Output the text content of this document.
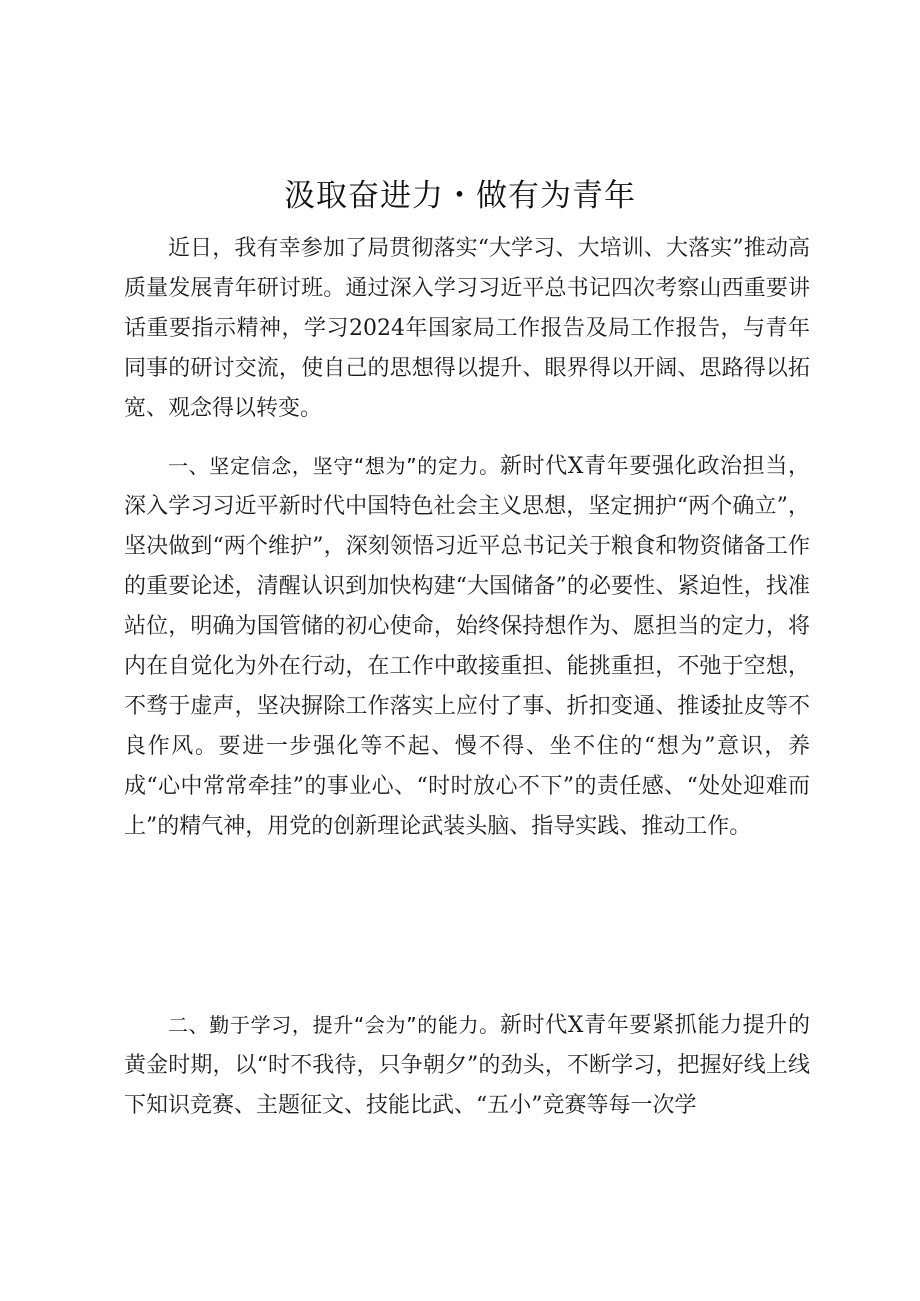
汲取奋进力・做有为青年

近日，我有幸参加了局贯彻落实“大学习、大培训、大落实”推动高质量发展青年研讨班。通过深入学习习近平总书记四次考察山西重要讲话重要指示精神，学习2024年国家局工作报告及局工作报告，与青年同事的研讨交流，使自己的思想得以提升、眼界得以开阔、思路得以拓宽、观念得以转变。

一、坚定信念，坚守“想为”的定力。新时代X青年要强化政治担当，深入学习习近平新时代中国特色社会主义思想，坚定拥护“两个确立”，坚决做到“两个维护”，深刻领悟习近平总书记关于粮食和物资储备工作的重要论述，清醒认识到加快构建“大国储备”的必要性、紧迫性，找准站位，明确为国管储的初心使命，始终保持想作为、愿担当的定力，将内在自觉化为外在行动，在工作中敢接重担、能挑重担，不弛于空想，不骛于虚声，坚决摒除工作落实上应付了事、折扣变通、推诿扯皮等不良作风。要进一步强化等不起、慢不得、坐不住的“想为”意识，养成“心中常常牵挂”的事业心、“时时放心不下”的责任感、“处处迎难而上”的精气神，用党的创新理论武装头脑、指导实践、推动工作。

二、勤于学习，提升“会为”的能力。新时代X青年要紧抓能力提升的黄金时期，以“时不我待，只争朝夕”的劲头，不断学习，把握好线上线下知识竞赛、主题征文、技能比武、“五小”竞赛等每一次学
